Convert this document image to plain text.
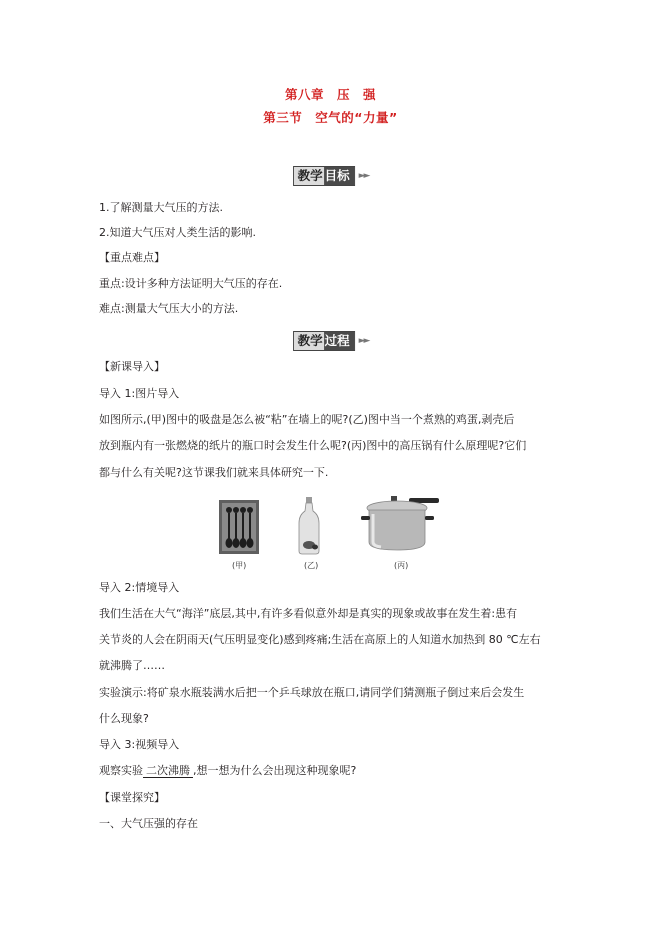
第八章　压　强
第三节　空气的“力量”
教学 目标	►►
1.了解测量大气压的方法.
2.知道大气压对人类生活的影响.
【重点难点】
重点:设计多种方法证明大气压的存在.
难点:测量大气压大小的方法.
教学 过程	►►
【新课导入】
导入 1:图片导入
如图所示,(甲)图中的吸盘是怎么被“粘”在墙上的呢?(乙)图中当一个煮熟的鸡蛋,剥壳后
放到瓶内有一张燃烧的纸片的瓶口时会发生什么呢?(丙)图中的高压锅有什么原理呢?它们
都与什么有关呢?这节课我们就来具体研究一下.
(甲)	(乙)	(丙)
导入 2:情境导入
我们生活在大气“海洋”底层,其中,有许多看似意外却是真实的现象或故事在发生着:患有
关节炎的人会在阴雨天(气压明显变化)感到疼痛;生活在高原上的人知道水加热到 80 ℃左右
就沸腾了……
实验演示:将矿泉水瓶装满水后把一个乒乓球放在瓶口,请同学们猜测瓶子倒过来后会发生
什么现象?
导入 3:视频导入
观察实验 二次沸腾 ,想一想为什么会出现这种现象呢?
【课堂探究】
一、大气压强的存在
